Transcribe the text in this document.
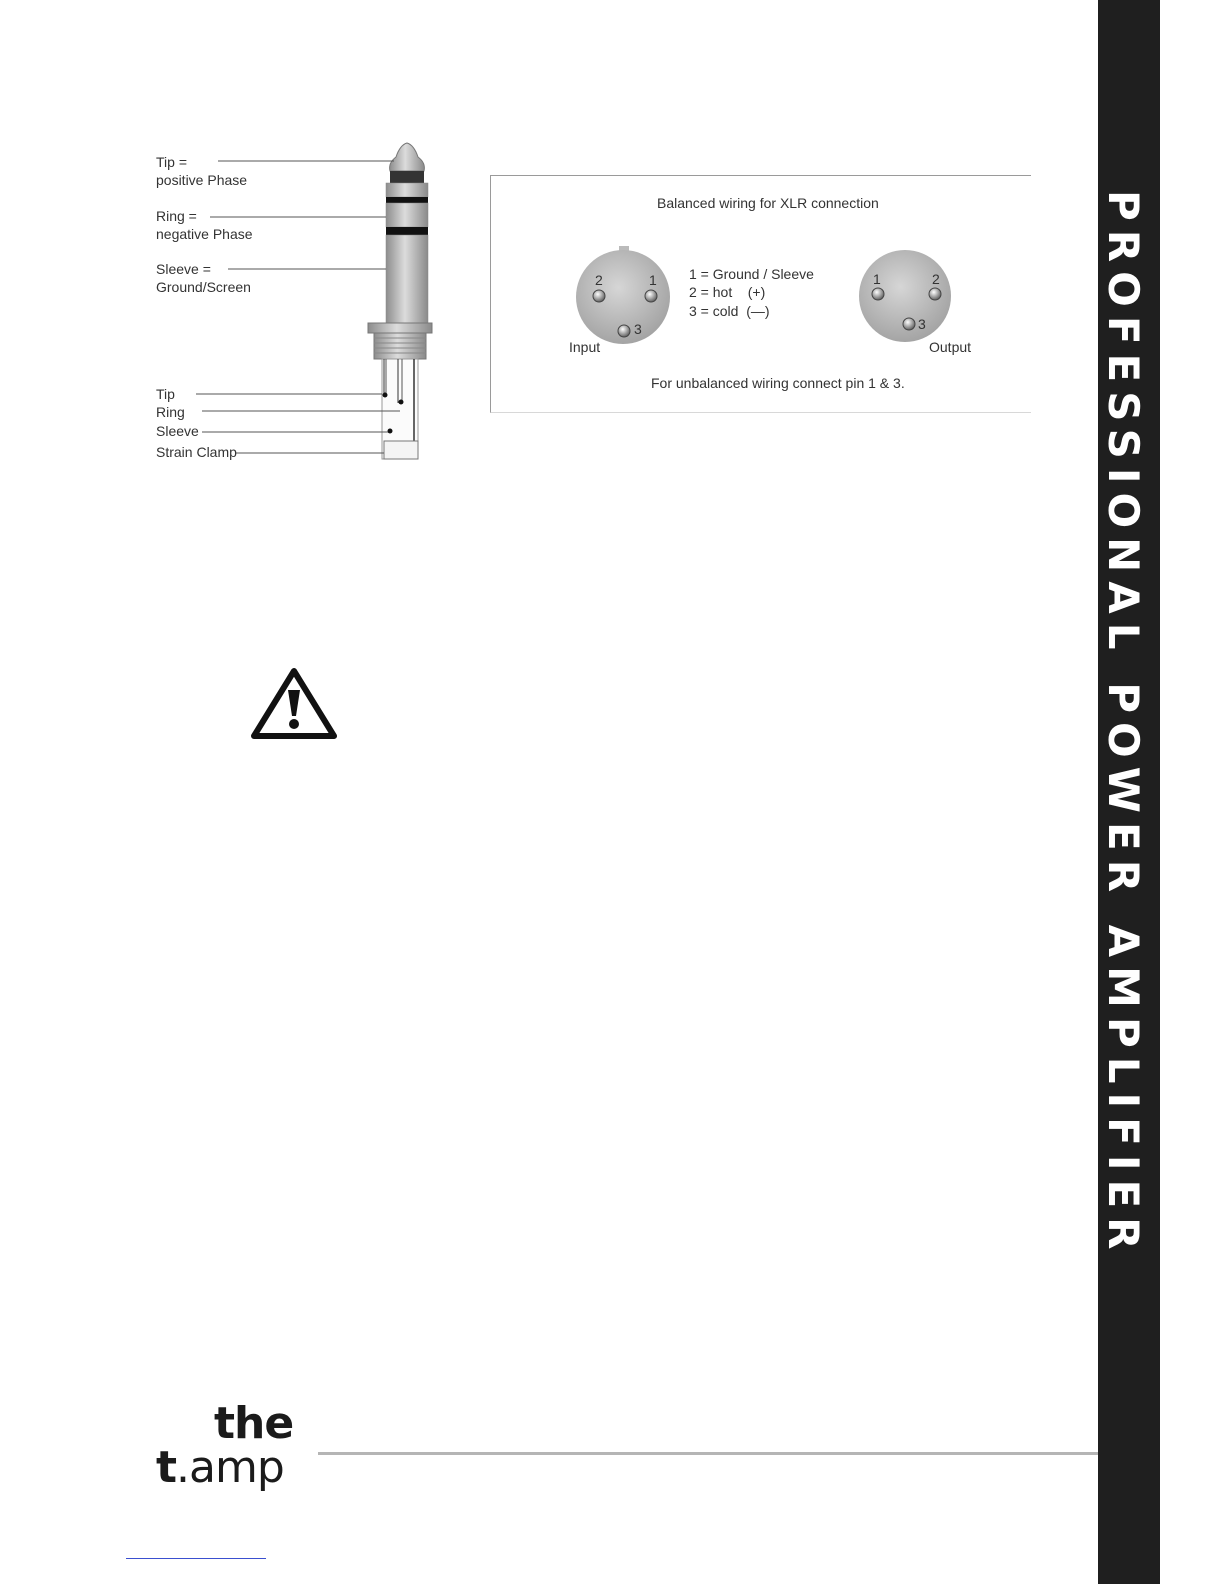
Tip =
positive Phase
Ring =
negative Phase
Sleeve =
Ground/Screen
Tip
Ring
Sleeve
Strain Clamp
Balanced wiring for XLR connection
2	1
3
Input
1 = Ground / Sleeve
2 = hot    (+)
3 = cold  (—)
1	2
3
Output
For unbalanced wiring connect pin 1 & 3.	PROFESSIONAL POWER AMPLIFIER
the
t.amp
